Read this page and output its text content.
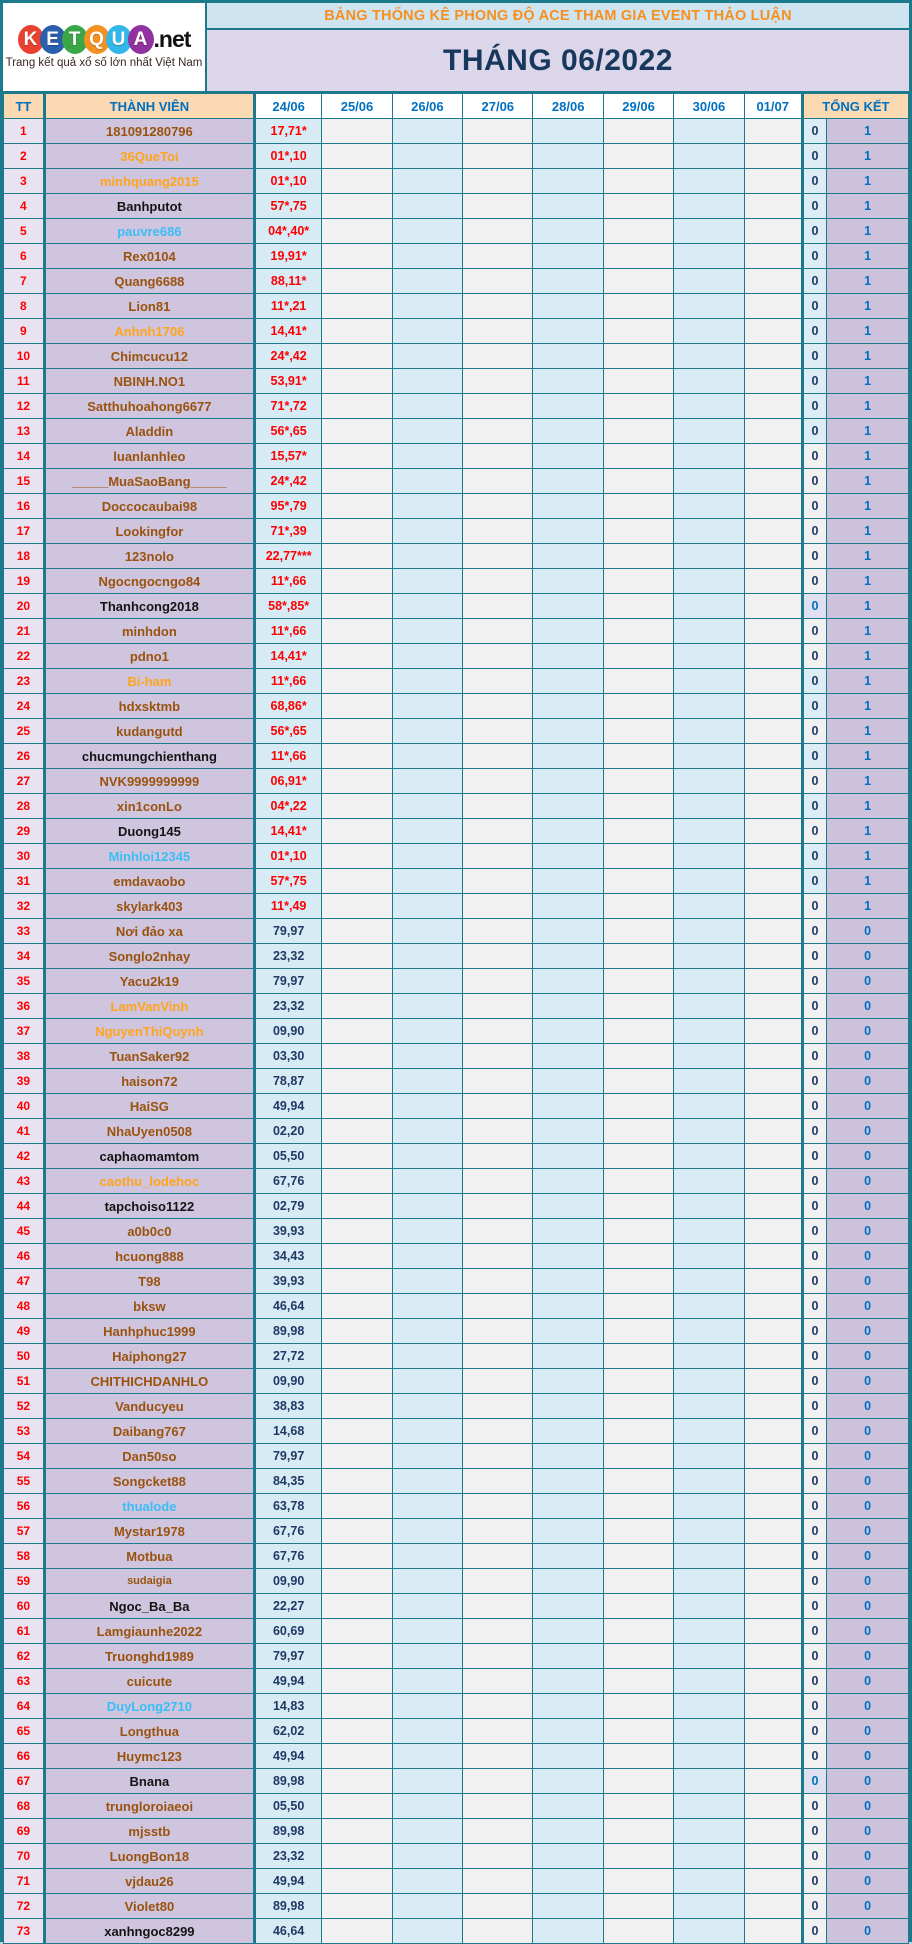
K E T Q U A .net
Trang kết quả xổ số lớn nhất Việt Nam
BẢNG THỐNG KÊ PHONG ĐỘ ACE THAM GIA EVENT THẢO LUẬN
THÁNG 06/2022
TT	THÀNH VIÊN	24/06	25/06	26/06	27/06	28/06	29/06	30/06	01/07	TỔNG KẾT	
1	181091280796	17,71*								0	1
2	36QueToi	01*,10								0	1
3	minhquang2015	01*,10								0	1
4	Banhputot	57*,75								0	1
5	pauvre686	04*,40*								0	1
6	Rex0104	19,91*								0	1
7	Quang6688	88,11*								0	1
8	Lion81	11*,21								0	1
9	Anhnh1706	14,41*								0	1
10	Chimcucu12	24*,42								0	1
11	NBINH.NO1	53,91*								0	1
12	Satthuhoahong6677	71*,72								0	1
13	Aladdin	56*,65								0	1
14	luanlanhleo	15,57*								0	1
15	_____MuaSaoBang_____	24*,42								0	1
16	Doccocaubai98	95*,79								0	1
17	Lookingfor	71*,39								0	1
18	123nolo	22,77***								0	1
19	Ngocngocngo84	11*,66								0	1
20	Thanhcong2018	58*,85*								0	1
21	minhdon	11*,66								0	1
22	pdno1	14,41*								0	1
23	Bi-ham	11*,66								0	1
24	hdxsktmb	68,86*								0	1
25	kudangutd	56*,65								0	1
26	chucmungchienthang	11*,66								0	1
27	NVK9999999999	06,91*								0	1
28	xin1conLo	04*,22								0	1
29	Duong145	14,41*								0	1
30	Minhloi12345	01*,10								0	1
31	emdavaobo	57*,75								0	1
32	skylark403	11*,49								0	1
33	Nơi đảo xa	79,97								0	0
34	Songlo2nhay	23,32								0	0
35	Yacu2k19	79,97								0	0
36	LamVanVinh	23,32								0	0
37	NguyenThiQuynh	09,90								0	0
38	TuanSaker92	03,30								0	0
39	haison72	78,87								0	0
40	HaiSG	49,94								0	0
41	NhaUyen0508	02,20								0	0
42	caphaomamtom	05,50								0	0
43	caothu_lodehoc	67,76								0	0
44	tapchoiso1122	02,79								0	0
45	a0b0c0	39,93								0	0
46	hcuong888	34,43								0	0
47	T98	39,93								0	0
48	bksw	46,64								0	0
49	Hanhphuc1999	89,98								0	0
50	Haiphong27	27,72								0	0
51	CHITHICHDANHLO	09,90								0	0
52	Vanducyeu	38,83								0	0
53	Daibang767	14,68								0	0
54	Dan50so	79,97								0	0
55	Songcket88	84,35								0	0
56	thualode	63,78								0	0
57	Mystar1978	67,76								0	0
58	Motbua	67,76								0	0
59	sudaigia	09,90								0	0
60	Ngoc_Ba_Ba	22,27								0	0
61	Lamgiaunhe2022	60,69								0	0
62	Truonghd1989	79,97								0	0
63	cuicute	49,94								0	0
64	DuyLong2710	14,83								0	0
65	Longthua	62,02								0	0
66	Huymc123	49,94								0	0
67	Bnana	89,98								0	0
68	trungloroiaeoi	05,50								0	0
69	mjsstb	89,98								0	0
70	LuongBon18	23,32								0	0
71	vjdau26	49,94								0	0
72	Violet80	89,98								0	0
73	xanhngoc8299	46,64								0	0
